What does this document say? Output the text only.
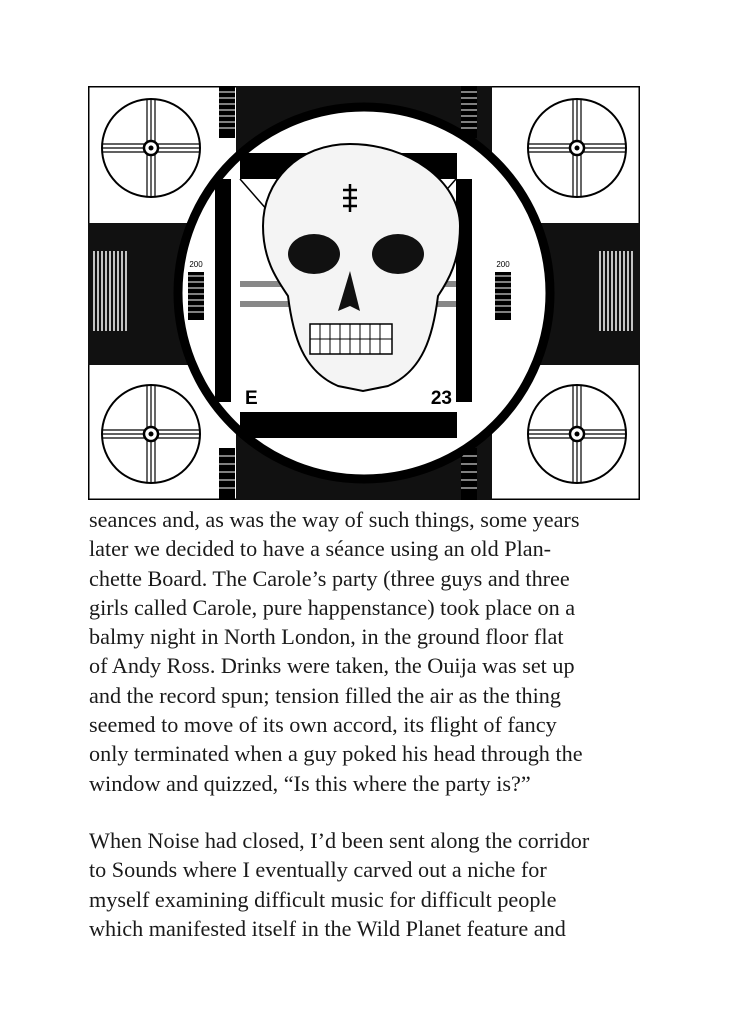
200	200
E	23
seances and, as was the way of such things, some years
later we decided to have a séance using an old Plan-
chette Board. The Carole’s party (three guys and three
girls called Carole, pure happenstance) took place on a
balmy night in North London, in the ground floor flat
of Andy Ross. Drinks were taken, the Ouija was set up
and the record spun; tension filled the air as the thing
seemed to move of its own accord, its flight of fancy
only terminated when a guy poked his head through the
window and quizzed, “Is this where the party is?”
When Noise had closed, I’d been sent along the corridor
to Sounds where I eventually carved out a niche for
myself examining difficult music for difficult people
which manifested itself in the Wild Planet feature and
